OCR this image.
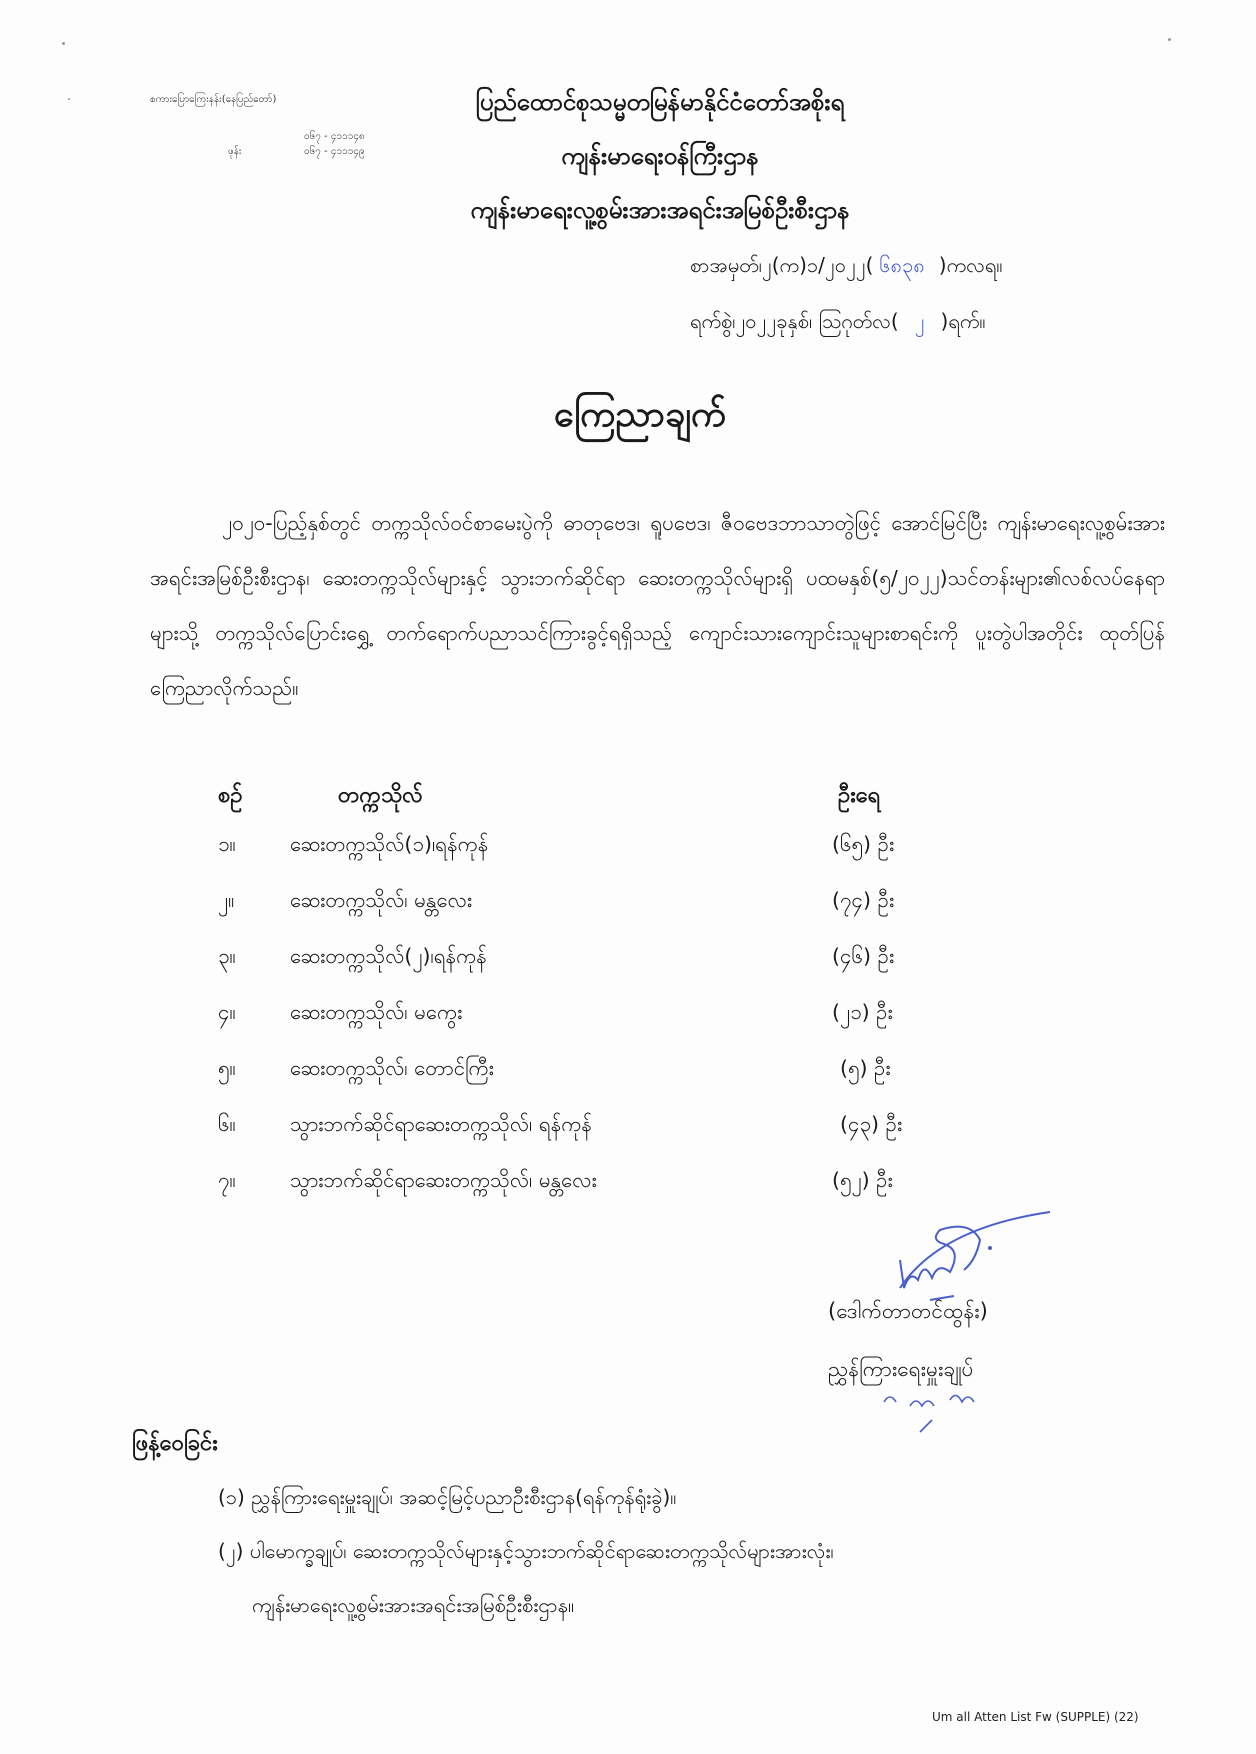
စကားပြောကြေးနန်း(နေပြည်တော်)
၀၆၇ - ၄၁၁၁၄၈
ဖုန်း	၀၆၇ - ၄၁၁၁၄၉
ပြည်ထောင်စုသမ္မတမြန်မာနိုင်ငံတော်အစိုးရ
ကျန်းမာရေးဝန်ကြီးဌာန
ကျန်းမာရေးလူ့စွမ်းအားအရင်းအမြစ်ဦးစီးဌာန
စာအမှတ်၊၂(က)၁/၂၀၂၂( ၆၈၃၈ )ကလရ။
ရက်စွဲ၊၂၀၂၂ခုနှစ်၊ ဩဂုတ်လ( ၂ )ရက်။
ကြေညာချက်

၂၀၂၀-ပြည့်နှစ်တွင် တက္ကသိုလ်ဝင်စာမေးပွဲကို ဓာတုဗေဒ၊ ရူပဗေဒ၊ ဇီဝဗေဒဘာသာတွဲဖြင့် အောင်မြင်ပြီး ကျန်းမာရေးလူ့စွမ်းအားအရင်းအမြစ်ဦးစီးဌာန၊ ဆေးတက္ကသိုလ်များနှင့် သွားဘက်ဆိုင်ရာ ဆေးတက္ကသိုလ်များရှိ ပထမနှစ်(၅/၂၀၂၂)သင်တန်းများ၏လစ်လပ်နေရာများသို့ တက္ကသိုလ်ပြောင်းရွှေ့ တက်ရောက်ပညာသင်ကြားခွင့်ရရှိသည့် ကျောင်းသားကျောင်းသူများစာရင်းကို ပူးတွဲပါအတိုင်း ထုတ်ပြန် ကြေညာလိုက်သည်။

စဉ်	တက္ကသိုလ်	ဦးရေ
၁။	ဆေးတက္ကသိုလ်(၁)၊ရန်ကုန်	(၆၅) ဦး
၂။	ဆေးတက္ကသိုလ်၊ မန္တလေး	(၇၄) ဦး
၃။	ဆေးတက္ကသိုလ်(၂)၊ရန်ကုန်	(၄၆) ဦး
၄။	ဆေးတက္ကသိုလ်၊ မကွေး	(၂၁) ဦး
၅။	ဆေးတက္ကသိုလ်၊ တောင်ကြီး	(၅) ဦး
၆။	သွားဘက်ဆိုင်ရာဆေးတက္ကသိုလ်၊ ရန်ကုန်	(၄၃) ဦး
၇။	သွားဘက်ဆိုင်ရာဆေးတက္ကသိုလ်၊ မန္တလေး	(၅၂) ဦး
(ဒေါက်တာတင်ထွန်း)
ညွှန်ကြားရေးမှူးချုပ်
ဖြန့်ဝေခြင်း
(၁) ညွှန်ကြားရေးမှူးချုပ်၊ အဆင့်မြင့်ပညာဦးစီးဌာန(ရန်ကုန်ရုံးခွဲ)။
(၂) ပါမောက္ခချုပ်၊ ဆေးတက္ကသိုလ်များနှင့်သွားဘက်ဆိုင်ရာဆေးတက္ကသိုလ်များအားလုံး၊
ကျန်းမာရေးလူ့စွမ်းအားအရင်းအမြစ်ဦးစီးဌာန။
Um all Atten List Fw (SUPPLE) (22)
